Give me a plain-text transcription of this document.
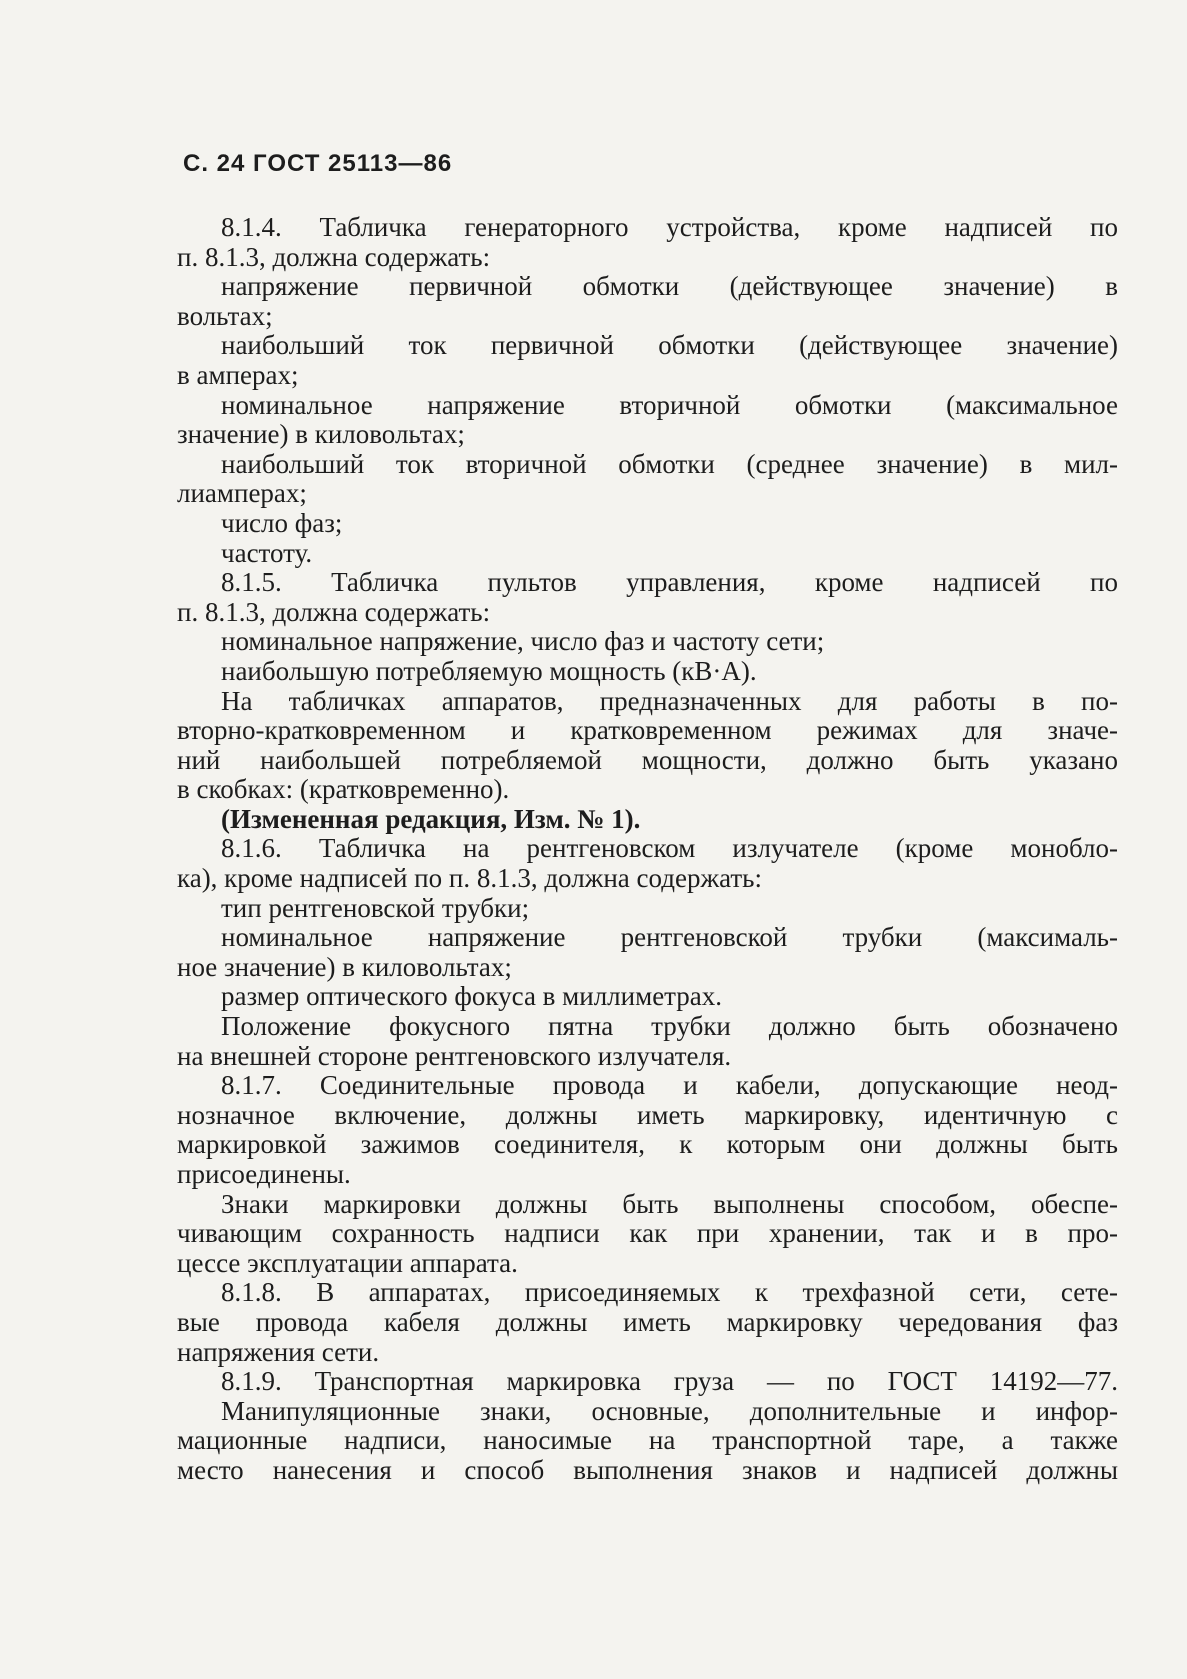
С. 24 ГОСТ 25113—86
8.1.4. Табличка генераторного устройства, кроме надписей по
п. 8.1.3, должна содержать:
напряжение первичной обмотки (действующее значение) в
вольтах;
наибольший ток первичной обмотки (действующее значение)
в амперах;
номинальное напряжение вторичной обмотки (максимальное
значение) в киловольтах;
наибольший ток вторичной обмотки (среднее значение) в мил-
лиамперах;
число фаз;
частоту.
8.1.5. Табличка пультов управления, кроме надписей по
п. 8.1.3, должна содержать:
номинальное напряжение, число фаз и частоту сети;
наибольшую потребляемую мощность (кВ·А).
На табличках аппаратов, предназначенных для работы в по-
вторно-кратковременном и кратковременном режимах для значе-
ний наибольшей потребляемой мощности, должно быть указано
в скобках: (кратковременно).
(Измененная редакция, Изм. № 1).
8.1.6. Табличка на рентгеновском излучателе (кроме монобло-
ка), кроме надписей по п. 8.1.3, должна содержать:
тип рентгеновской трубки;
номинальное напряжение рентгеновской трубки (максималь-
ное значение) в киловольтах;
размер оптического фокуса в миллиметрах.
Положение фокусного пятна трубки должно быть обозначено
на внешней стороне рентгеновского излучателя.
8.1.7. Соединительные провода и кабели, допускающие неод-
нозначное включение, должны иметь маркировку, идентичную с
маркировкой зажимов соединителя, к которым они должны быть
присоединены.
Знаки маркировки должны быть выполнены способом, обеспе-
чивающим сохранность надписи как при хранении, так и в про-
цессе эксплуатации аппарата.
8.1.8. В аппаратах, присоединяемых к трехфазной сети, сете-
вые провода кабеля должны иметь маркировку чередования фаз
напряжения сети.
8.1.9. Транспортная маркировка груза — по ГОСТ 14192—77.
Манипуляционные знаки, основные, дополнительные и инфор-
мационные надписи, наносимые на транспортной таре, а также
место нанесения и способ выполнения знаков и надписей должны
